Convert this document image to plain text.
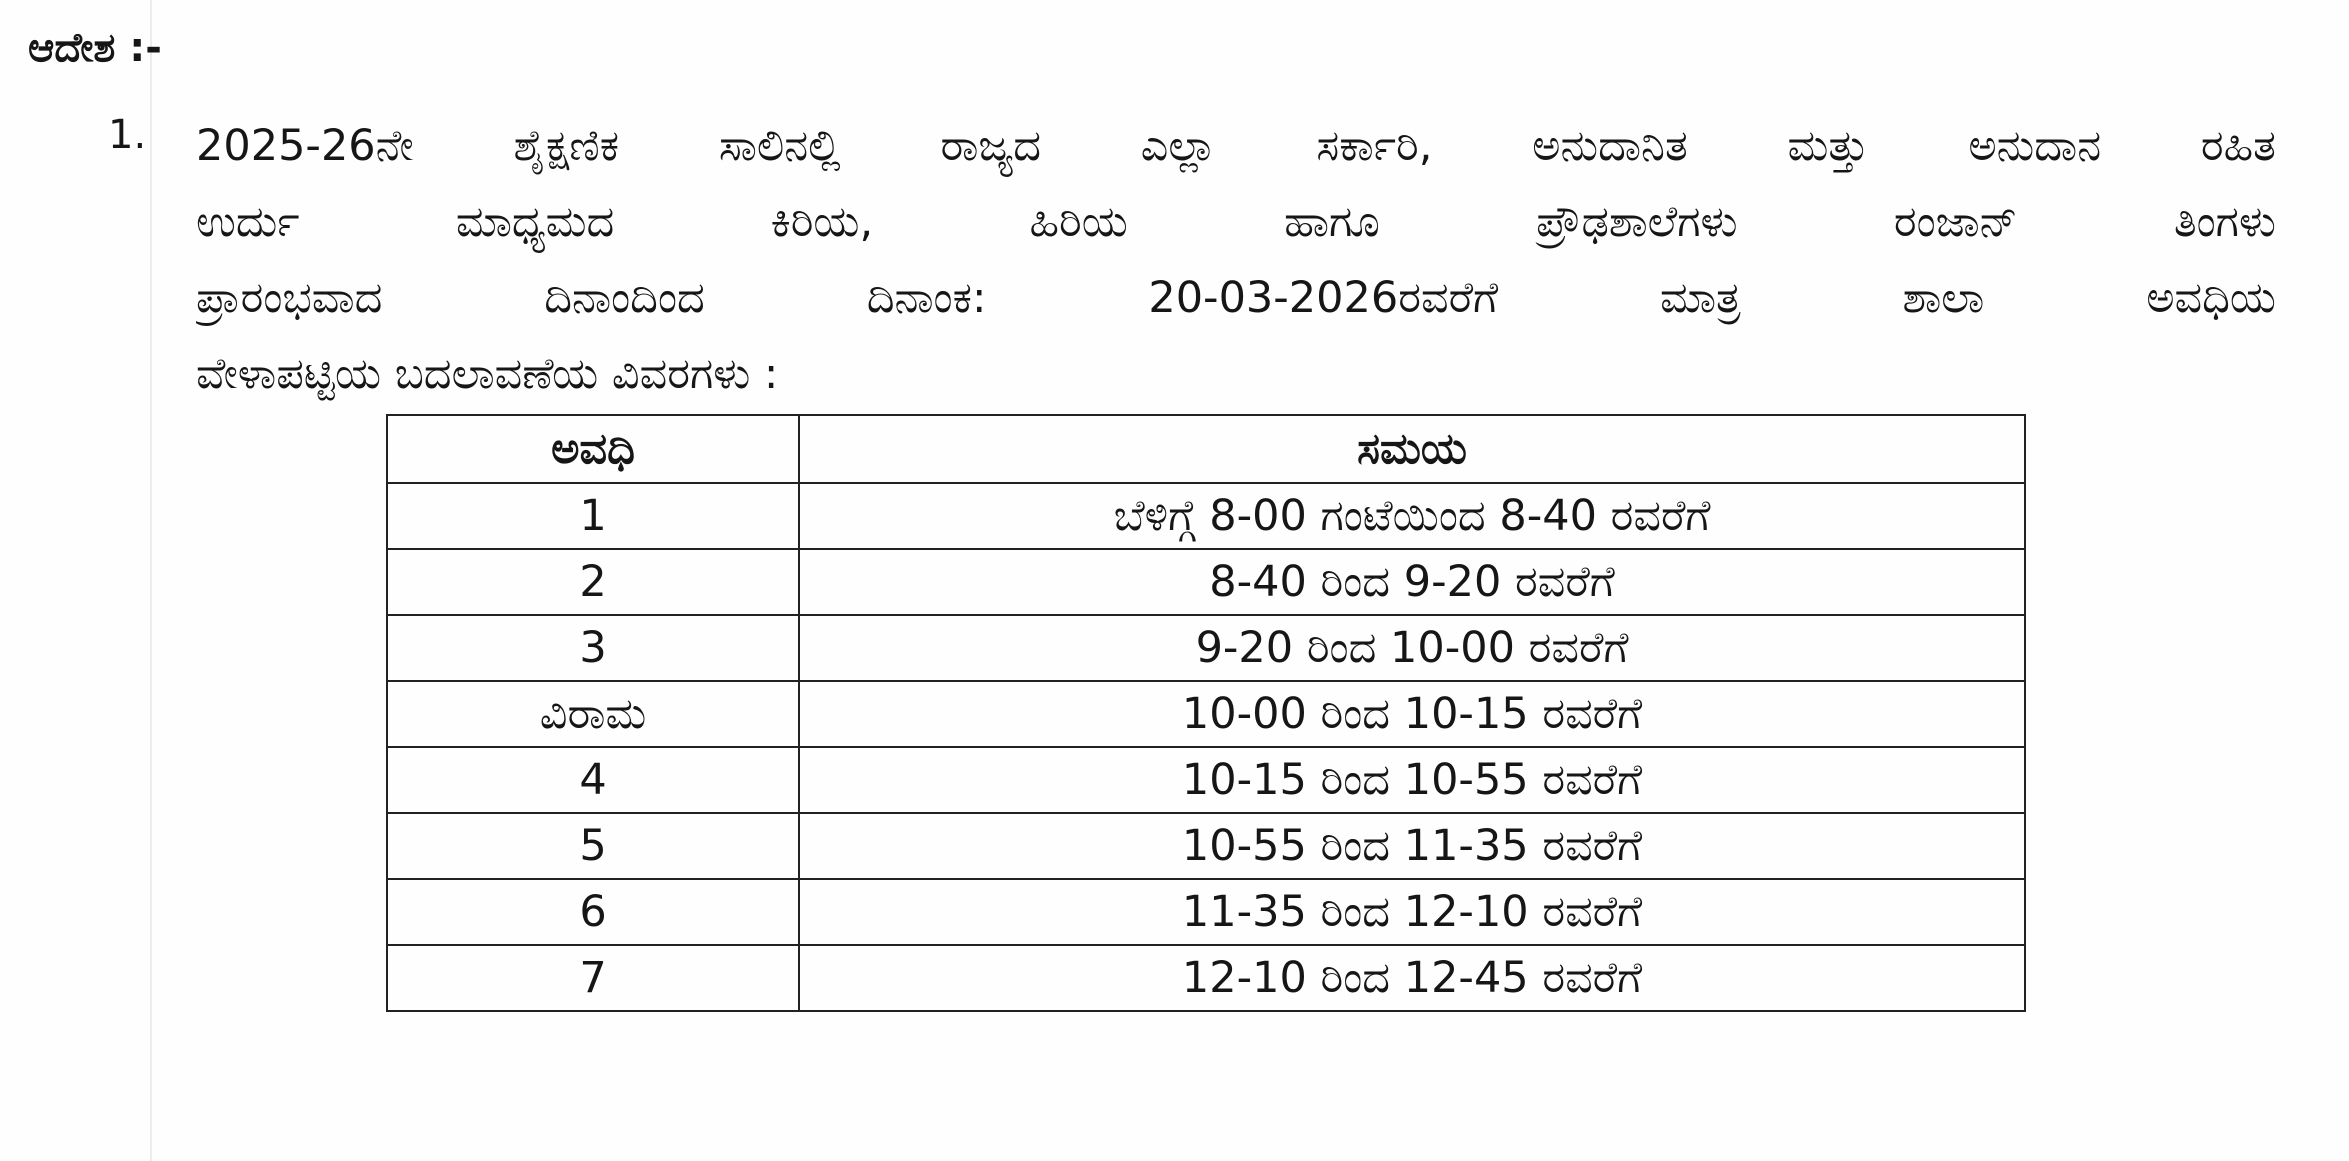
ಆದೇಶ :-
1. 2025-26ನೇ ಶೈಕ್ಷಣಿಕ ಸಾಲಿನಲ್ಲಿ ರಾಜ್ಯದ ಎಲ್ಲಾ ಸರ್ಕಾರಿ, ಅನುದಾನಿತ ಮತ್ತು ಅನುದಾನ ರಹಿತ
ಉರ್ದು	ಮಾಧ್ಯಮದ	ಕಿರಿಯ,	ಹಿರಿಯ	ಹಾಗೂ	ಪ್ರೌಢಶಾಲೆಗಳು	ರಂಜಾನ್	ತಿಂಗಳು
ಪ್ರಾರಂಭವಾದ	ದಿನಾಂದಿಂದ	ದಿನಾಂಕ:	20-03-2026ರವರೆಗೆ	ಮಾತ್ರ	ಶಾಲಾ	ಅವಧಿಯ
ವೇಳಾಪಟ್ಟಿಯ ಬದಲಾವಣೆಯ ವಿವರಗಳು :
ಅವಧಿ	ಸಮಯ
1	ಬೆಳಿಗ್ಗೆ 8-00 ಗಂಟೆಯಿಂದ 8-40 ರವರೆಗೆ
2	8-40 ರಿಂದ 9-20 ರವರೆಗೆ
3	9-20 ರಿಂದ 10-00 ರವರೆಗೆ
ವಿರಾಮ	10-00 ರಿಂದ 10-15 ರವರೆಗೆ
4	10-15 ರಿಂದ 10-55 ರವರೆಗೆ
5	10-55 ರಿಂದ 11-35 ರವರೆಗೆ
6	11-35 ರಿಂದ 12-10 ರವರೆಗೆ
7	12-10 ರಿಂದ 12-45 ರವರೆಗೆ
